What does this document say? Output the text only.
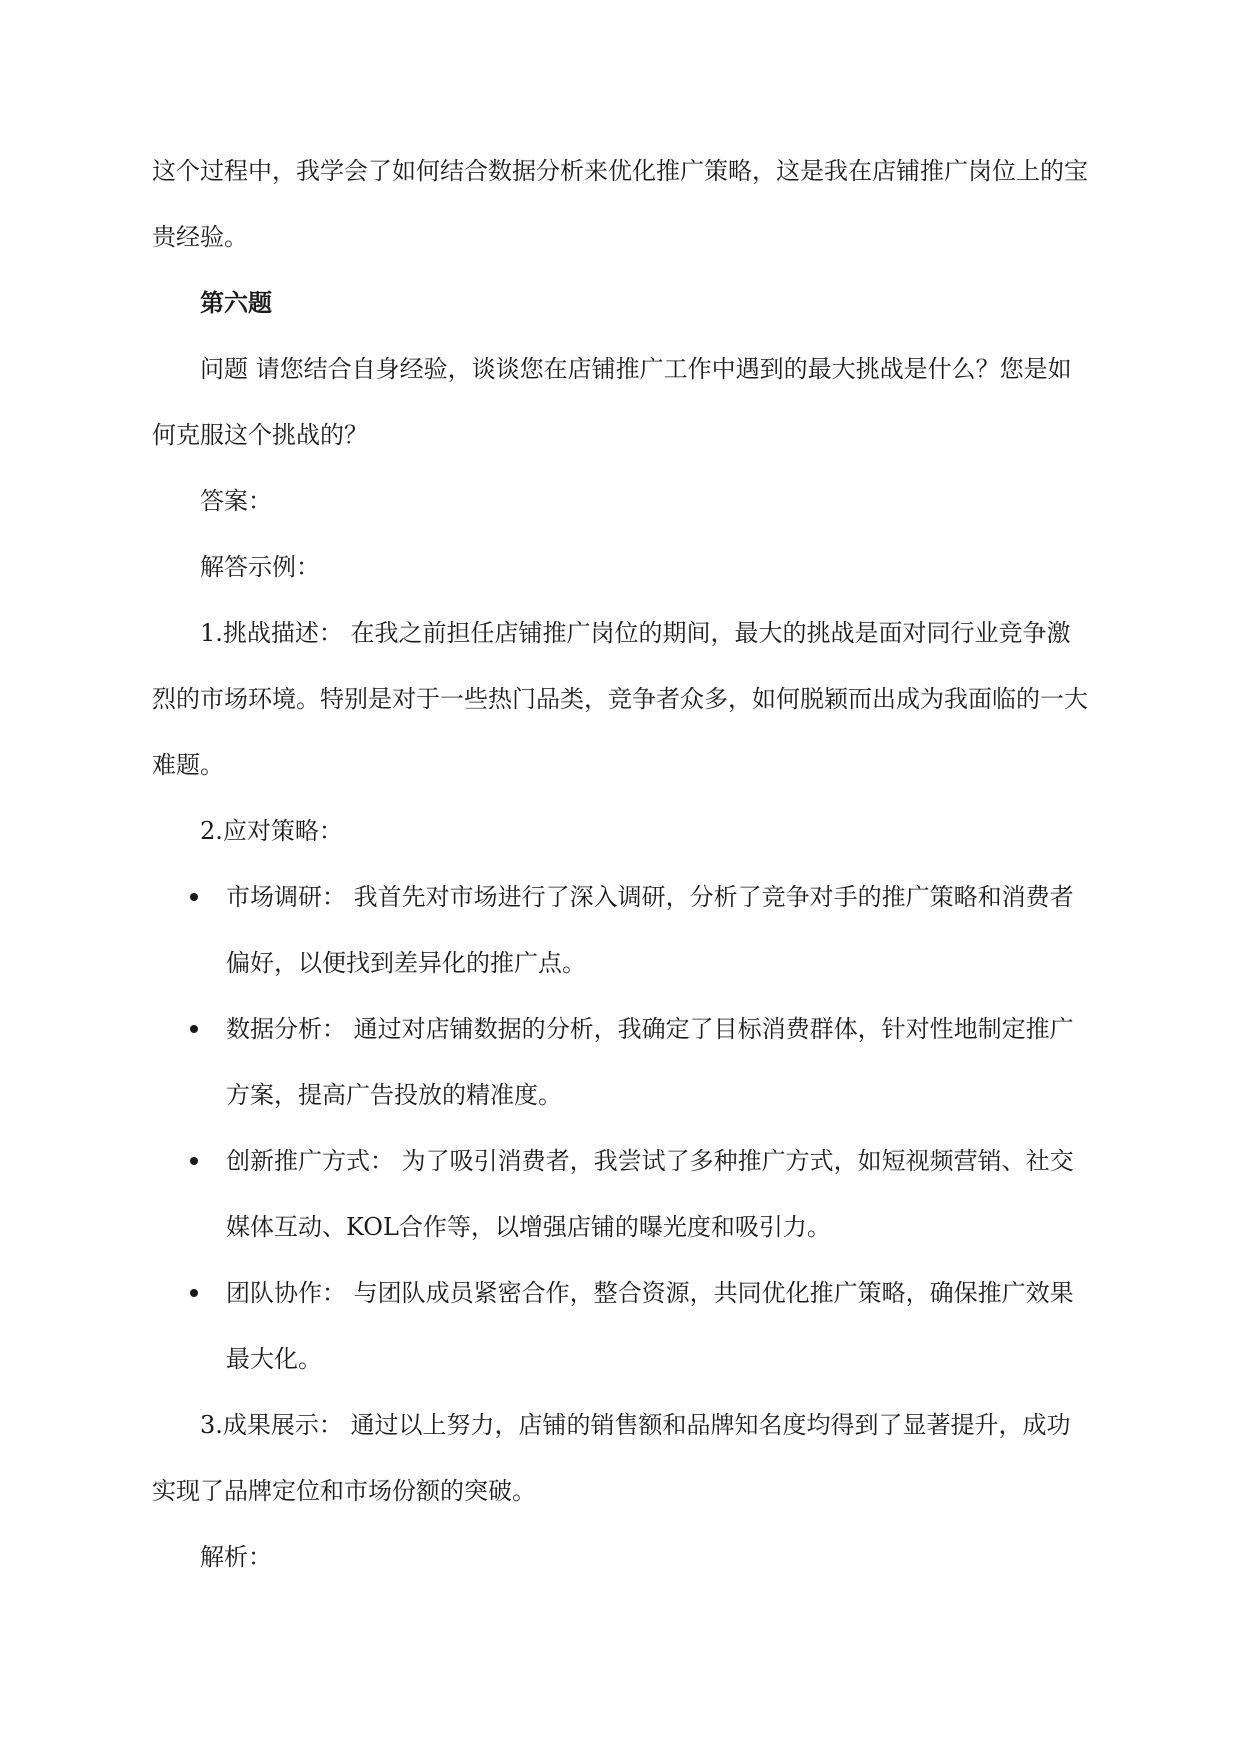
这个过程中，我学会了如何结合数据分析来优化推广策略，这是我在店铺推广岗位上的宝贵经验。

第六题

问题 请您结合自身经验，谈谈您在店铺推广工作中遇到的最大挑战是什么？您是如何克服这个挑战的？

答案：

解答示例：

1.挑战描述： 在我之前担任店铺推广岗位的期间，最大的挑战是面对同行业竞争激烈的市场环境。特别是对于一些热门品类，竞争者众多，如何脱颖而出成为我面临的一大难题。

2.应对策略：

市场调研： 我首先对市场进行了深入调研，分析了竞争对手的推广策略和消费者偏好，以便找到差异化的推广点。
数据分析： 通过对店铺数据的分析，我确定了目标消费群体，针对性地制定推广方案，提高广告投放的精准度。
创新推广方式： 为了吸引消费者，我尝试了多种推广方式，如短视频营销、社交媒体互动、KOL合作等，以增强店铺的曝光度和吸引力。
团队协作： 与团队成员紧密合作，整合资源，共同优化推广策略，确保推广效果最大化。

3.成果展示： 通过以上努力，店铺的销售额和品牌知名度均得到了显著提升，成功实现了品牌定位和市场份额的突破。

解析：
